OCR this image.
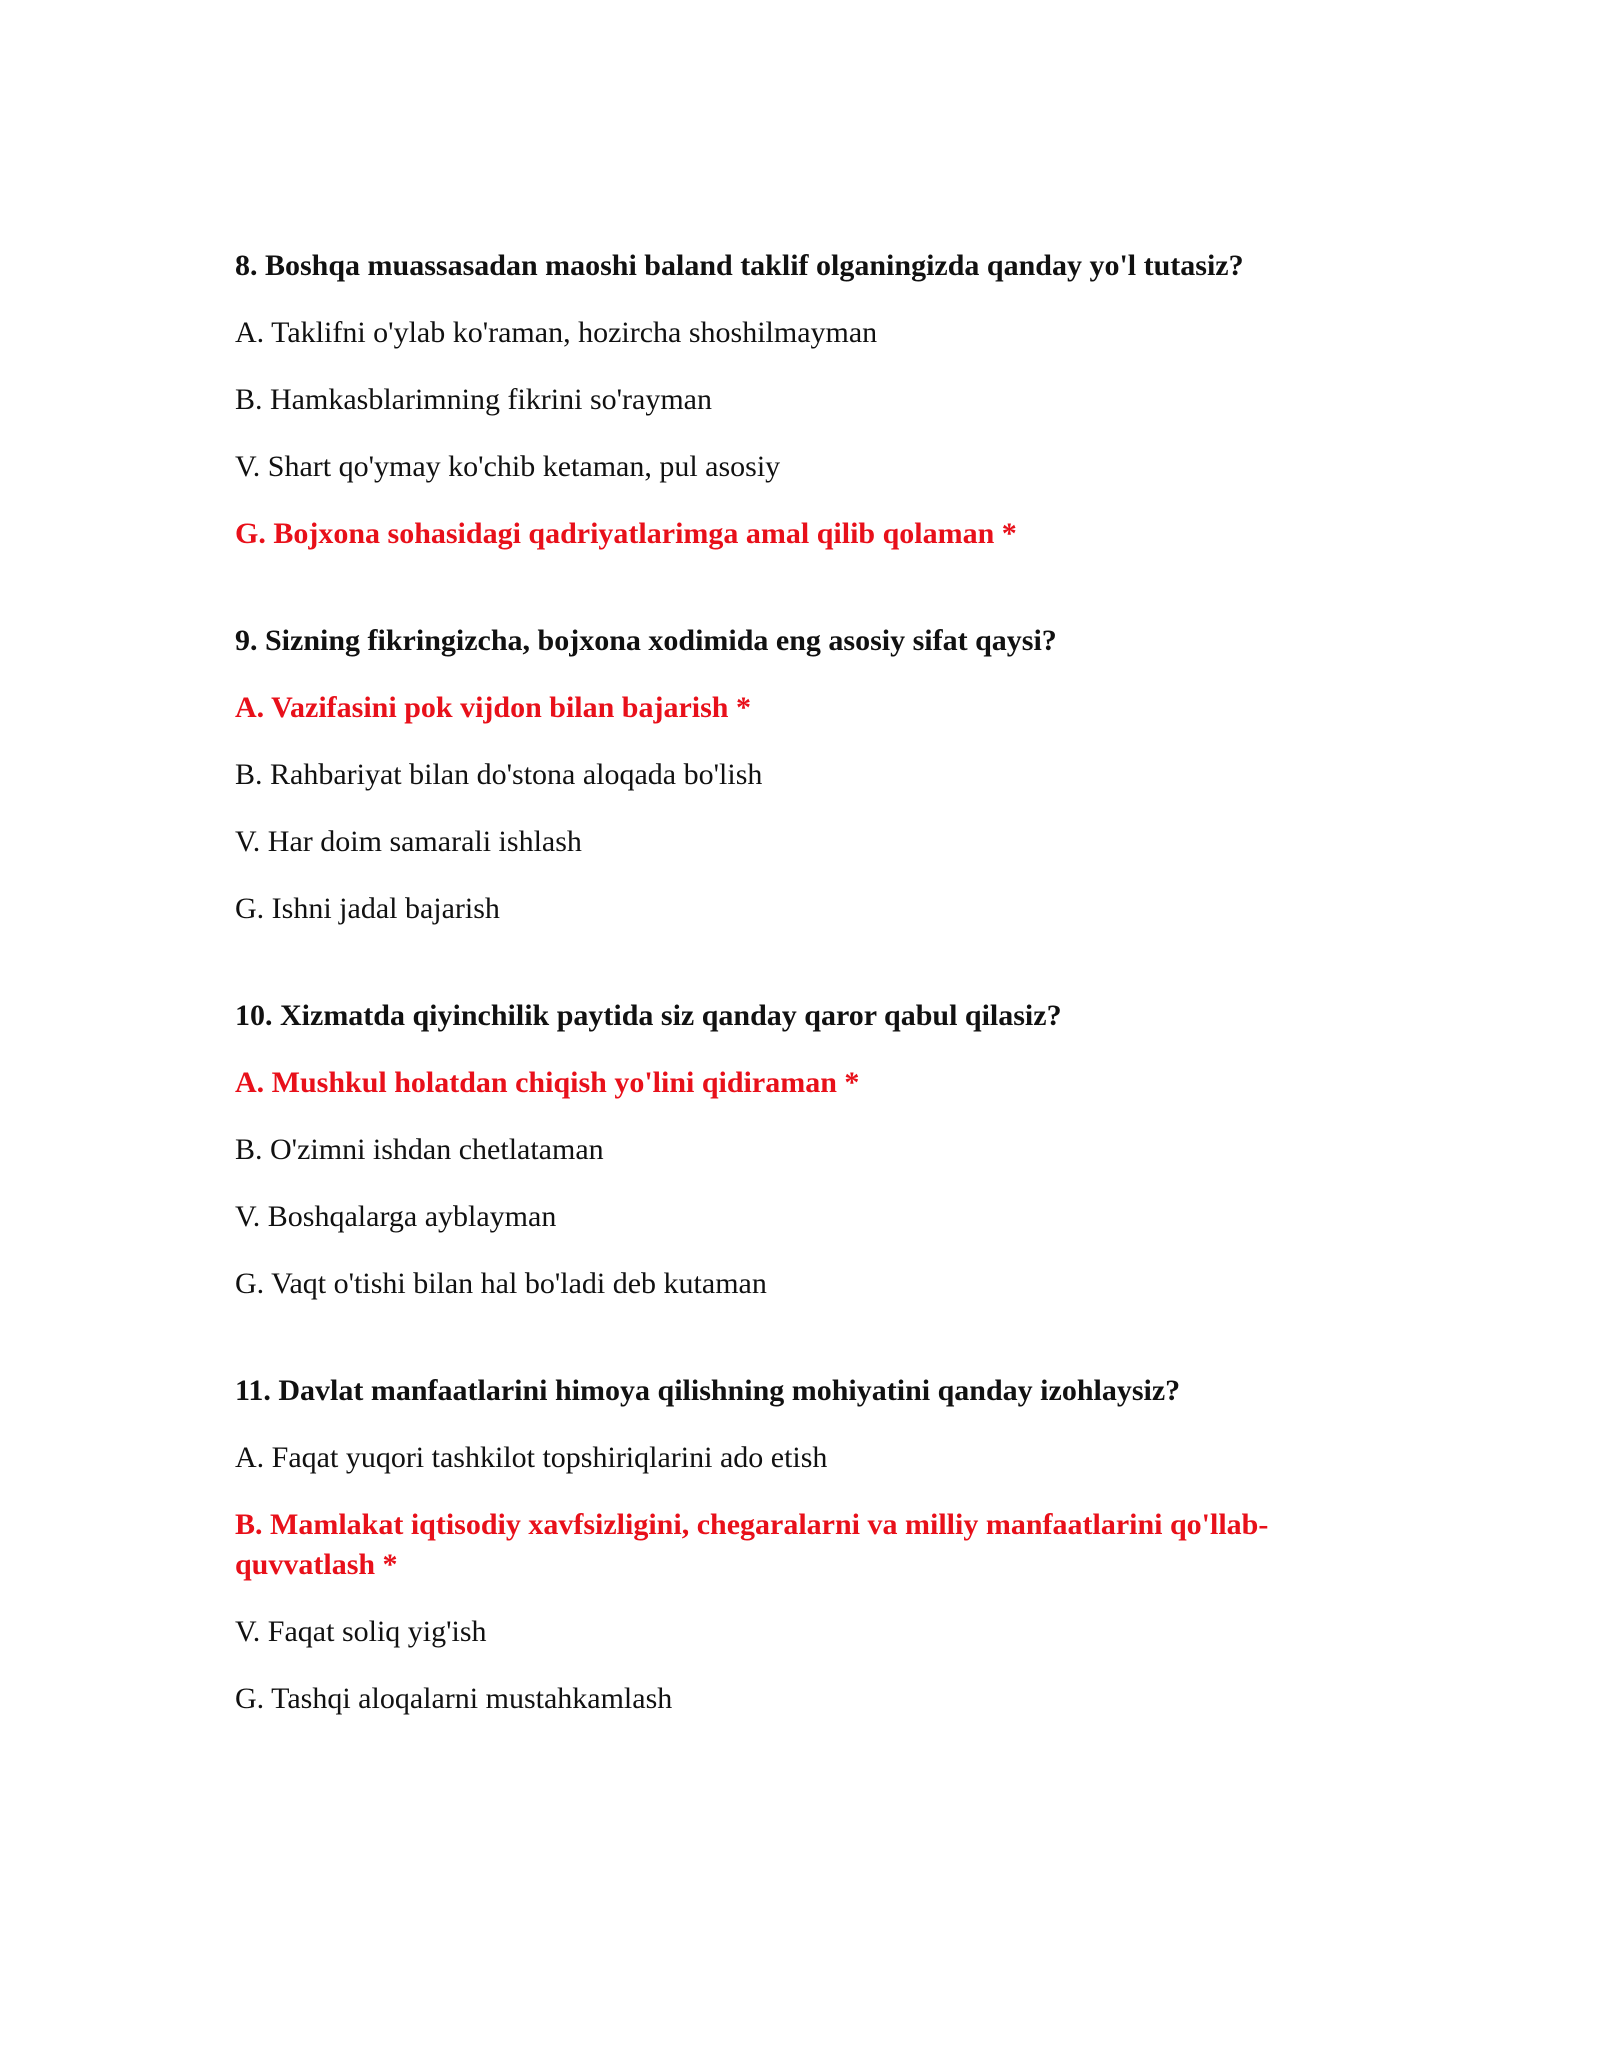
8. Boshqa muassasadan maoshi baland taklif olganingizda qanday yo'l tutasiz?

A. Taklifni o'ylab ko'raman, hozircha shoshilmayman

B. Hamkasblarimning fikrini so'rayman

V. Shart qo'ymay ko'chib ketaman, pul asosiy

G. Bojxona sohasidagi qadriyatlarimga amal qilib qolaman *

9. Sizning fikringizcha, bojxona xodimida eng asosiy sifat qaysi?

A. Vazifasini pok vijdon bilan bajarish *

B. Rahbariyat bilan do'stona aloqada bo'lish

V. Har doim samarali ishlash

G. Ishni jadal bajarish

10. Xizmatda qiyinchilik paytida siz qanday qaror qabul qilasiz?

A. Mushkul holatdan chiqish yo'lini qidiraman *

B. O'zimni ishdan chetlataman

V. Boshqalarga ayblayman

G. Vaqt o'tishi bilan hal bo'ladi deb kutaman

11. Davlat manfaatlarini himoya qilishning mohiyatini qanday izohlaysiz?

A. Faqat yuqori tashkilot topshiriqlarini ado etish

B. Mamlakat iqtisodiy xavfsizligini, chegaralarni va milliy manfaatlarini qo'llab-quvvatlash *

V. Faqat soliq yig'ish

G. Tashqi aloqalarni mustahkamlash
